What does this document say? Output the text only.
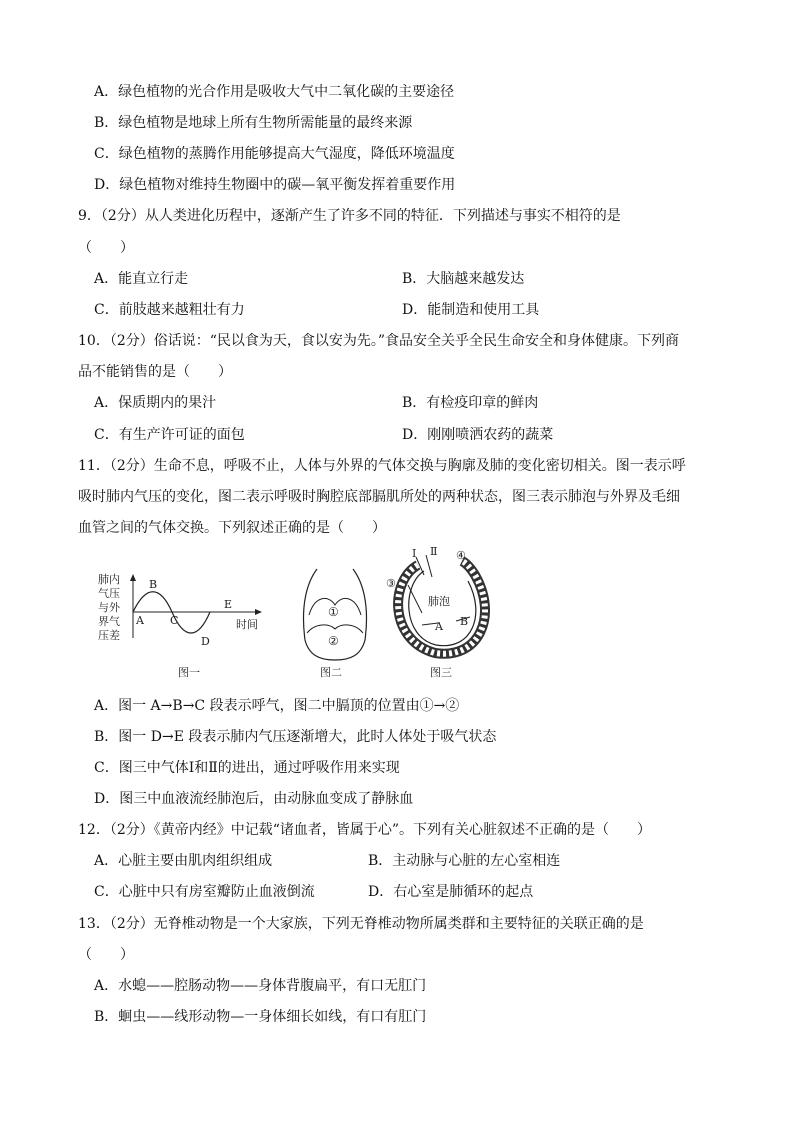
A．绿色植物的光合作用是吸收大气中二氧化碳的主要途径
B．绿色植物是地球上所有生物所需能量的最终来源
C．绿色植物的蒸腾作用能够提高大气湿度，降低环境温度
D．绿色植物对维持生物圈中的碳—氧平衡发挥着重要作用
9．（2分）从人类进化历程中，逐渐产生了许多不同的特征．下列描述与事实不相符的是
（　　）
A．能直立行走	B．大脑越来越发达
C．前肢越来越粗壮有力	D．能制造和使用工具
10．（2分）俗话说：“民以食为天，食以安为先。”食品安全关乎全民生命安全和身体健康。下列商
品不能销售的是（　　）
A．保质期内的果汁	B．有检疫印章的鲜肉
C．有生产许可证的面包	D．刚刚喷洒农药的蔬菜
11．（2分）生命不息，呼吸不止，人体与外界的气体交换与胸廓及肺的变化密切相关。图一表示呼
吸时肺内气压的变化，图二表示呼吸时胸腔底部膈肌所处的两种状态，图三表示肺泡与外界及毛细
血管之间的气体交换。下列叙述正确的是（　　）
肺内
气压
与外
界气
压差
A
B
C
D
E
时间
图一
①
②
图二
Ⅰ Ⅱ
③
④
肺泡
A B
图三
A．图一 A→B→C 段表示呼气，图二中膈顶的位置由①→②
B．图一 D→E 段表示肺内气压逐渐增大，此时人体处于吸气状态
C．图三中气体Ⅰ和Ⅱ的进出，通过呼吸作用来实现
D．图三中血液流经肺泡后，由动脉血变成了静脉血
12．（2分）《黄帝内经》中记载“诸血者，皆属于心”。下列有关心脏叙述不正确的是（　　）
A．心脏主要由肌肉组织组成	B．主动脉与心脏的左心室相连
C．心脏中只有房室瓣防止血液倒流	D．右心室是肺循环的起点
13．（2分）无脊椎动物是一个大家族，下列无脊椎动物所属类群和主要特征的关联正确的是
（　　）
A．水螅——腔肠动物——身体背腹扁平，有口无肛门
B．蛔虫——线形动物—一身体细长如线，有口有肛门
